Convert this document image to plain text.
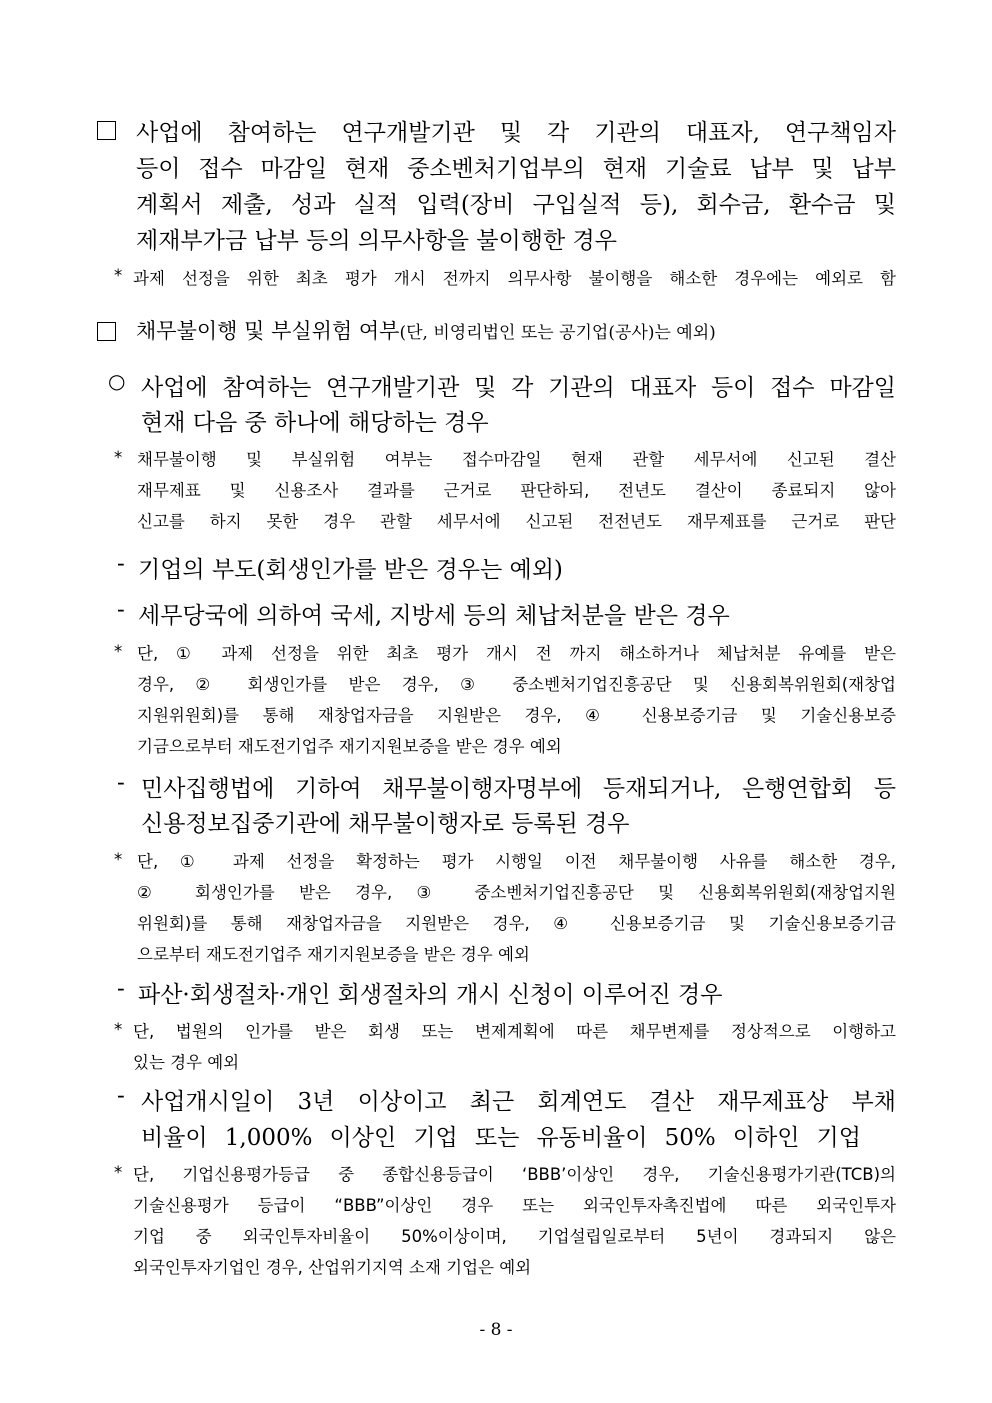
사업에 참여하는 연구개발기관 및 각 기관의 대표자, 연구책임자
등이 접수 마감일 현재 중소벤처기업부의 현재 기술료 납부 및 납부
계획서 제출, 성과 실적 입력(장비 구입실적 등), 회수금, 환수금 및
제재부가금 납부 등의 의무사항을 불이행한 경우
* 과제 선정을 위한 최초 평가 개시 전까지 의무사항 불이행을 해소한 경우에는 예외로 함
채무불이행 및 부실위험 여부(단, 비영리법인 또는 공기업(공사)는 예외)
○ 사업에 참여하는 연구개발기관 및 각 기관의 대표자 등이 접수 마감일
현재 다음 중 하나에 해당하는 경우
* 채무불이행 및 부실위험 여부는 접수마감일 현재 관할 세무서에 신고된 결산
재무제표 및 신용조사 결과를 근거로 판단하되, 전년도 결산이 종료되지 않아
신고를 하지 못한 경우 관할 세무서에 신고된 전전년도 재무제표를 근거로 판단
- 기업의 부도(회생인가를 받은 경우는 예외)
- 세무당국에 의하여 국세, 지방세 등의 체납처분을 받은 경우
* 단, ① 과제 선정을 위한 최초 평가 개시 전 까지 해소하거나 체납처분 유예를 받은
경우, ② 회생인가를 받은 경우, ③ 중소벤처기업진흥공단 및 신용회복위원회(재창업
지원위원회)를 통해 재창업자금을 지원받은 경우, ④ 신용보증기금 및 기술신용보증
기금으로부터 재도전기업주 재기지원보증을 받은 경우 예외
- 민사집행법에 기하여 채무불이행자명부에 등재되거나, 은행연합회 등
신용정보집중기관에 채무불이행자로 등록된 경우
* 단, ① 과제 선정을 확정하는 평가 시행일 이전 채무불이행 사유를 해소한 경우,
② 회생인가를 받은 경우, ③ 중소벤처기업진흥공단 및 신용회복위원회(재창업지원
위원회)를 통해 재창업자금을 지원받은 경우, ④ 신용보증기금 및 기술신용보증기금
으로부터 재도전기업주 재기지원보증을 받은 경우 예외
- 파산·회생절차·개인 회생절차의 개시 신청이 이루어진 경우
* 단, 법원의 인가를 받은 회생 또는 변제계획에 따른 채무변제를 정상적으로 이행하고
있는 경우 예외
- 사업개시일이 3년 이상이고 최근 회계연도 결산 재무제표상 부채
비율이 1,000% 이상인 기업 또는 유동비율이 50% 이하인 기업
* 단, 기업신용평가등급 중 종합신용등급이 ‘BBB’이상인 경우, 기술신용평가기관(TCB)의
기술신용평가 등급이 “BBB”이상인 경우 또는 외국인투자촉진법에 따른 외국인투자
기업 중 외국인투자비율이 50%이상이며, 기업설립일로부터 5년이 경과되지 않은
외국인투자기업인 경우, 산업위기지역 소재 기업은 예외
- 8 -
